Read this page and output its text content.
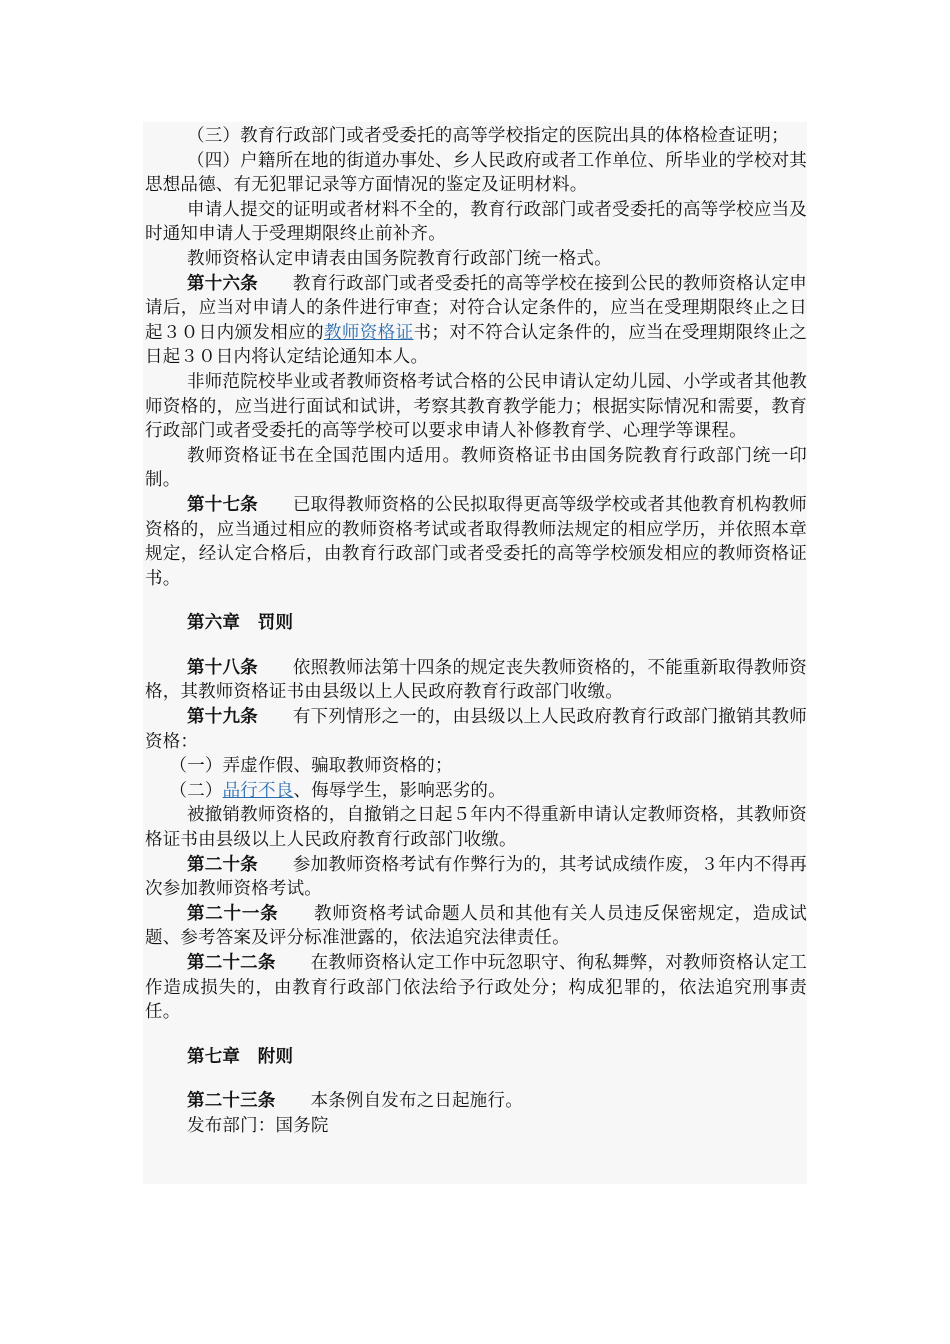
（三）教育行政部门或者受委托的高等学校指定的医院出具的体格检查证明；

（四）户籍所在地的街道办事处、乡人民政府或者工作单位、所毕业的学校对其思想品德、有无犯罪记录等方面情况的鉴定及证明材料。

申请人提交的证明或者材料不全的，教育行政部门或者受委托的高等学校应当及时通知申请人于受理期限终止前补齐。

教师资格认定申请表由国务院教育行政部门统一格式。

第十六条 教育行政部门或者受委托的高等学校在接到公民的教师资格认定申请后，应当对申请人的条件进行审查；对符合认定条件的，应当在受理期限终止之日起３０日内颁发相应的教师资格证书；对不符合认定条件的，应当在受理期限终止之日起３０日内将认定结论通知本人。

非师范院校毕业或者教师资格考试合格的公民申请认定幼儿园、小学或者其他教师资格的，应当进行面试和试讲，考察其教育教学能力；根据实际情况和需要，教育行政部门或者受委托的高等学校可以要求申请人补修教育学、心理学等课程。

教师资格证书在全国范围内适用。教师资格证书由国务院教育行政部门统一印制。

第十七条 已取得教师资格的公民拟取得更高等级学校或者其他教育机构教师资格的，应当通过相应的教师资格考试或者取得教师法规定的相应学历，并依照本章规定，经认定合格后，由教育行政部门或者受委托的高等学校颁发相应的教师资格证书。

第六章　罚则

第十八条 依照教师法第十四条的规定丧失教师资格的，不能重新取得教师资格，其教师资格证书由县级以上人民政府教育行政部门收缴。

第十九条 有下列情形之一的，由县级以上人民政府教育行政部门撤销其教师资格：

（一）弄虚作假、骗取教师资格的；

（二）品行不良、侮辱学生，影响恶劣的。

被撤销教师资格的，自撤销之日起５年内不得重新申请认定教师资格，其教师资格证书由县级以上人民政府教育行政部门收缴。

第二十条 参加教师资格考试有作弊行为的，其考试成绩作废，３年内不得再次参加教师资格考试。

第二十一条 教师资格考试命题人员和其他有关人员违反保密规定，造成试题、参考答案及评分标准泄露的，依法追究法律责任。

第二十二条 在教师资格认定工作中玩忽职守、徇私舞弊，对教师资格认定工作造成损失的，由教育行政部门依法给予行政处分；构成犯罪的，依法追究刑事责任。

第七章　附则

第二十三条 本条例自发布之日起施行。

发布部门：国务院
